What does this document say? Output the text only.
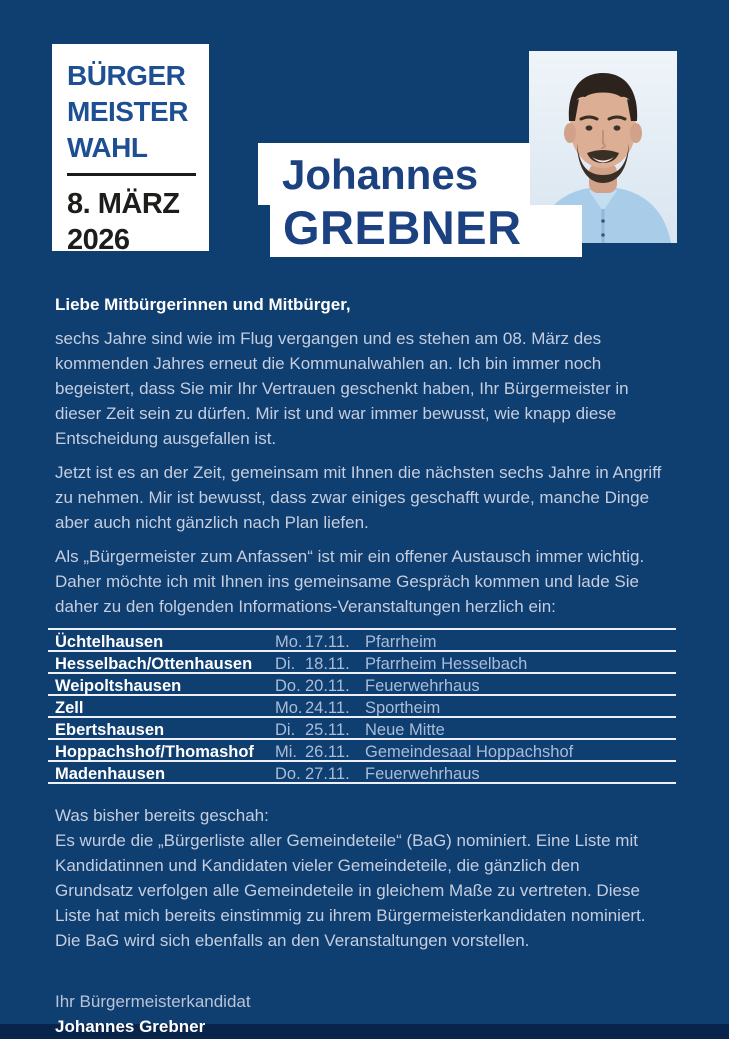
BÜRGER
MEISTER
WAHL
8. MÄRZ
2026
Johannes
GREBNER

Liebe Mitbürgerinnen und Mitbürger,

sechs Jahre sind wie im Flug vergangen und es stehen am 08. März des kommenden Jahres erneut die Kommunalwahlen an. Ich bin immer noch begeistert, dass Sie mir Ihr Vertrauen geschenkt haben, Ihr Bürgermeister in dieser Zeit sein zu dürfen. Mir ist und war immer bewusst, wie knapp diese Entscheidung ausgefallen ist.

Jetzt ist es an der Zeit, gemeinsam mit Ihnen die nächsten sechs Jahre in Angriff zu nehmen. Mir ist bewusst, dass zwar einiges geschafft wurde, manche Dinge aber auch nicht gänzlich nach Plan liefen.

Als „Bürgermeister zum Anfassen“ ist mir ein offener Austausch immer wichtig. Daher möchte ich mit Ihnen ins gemeinsame Gespräch kommen und lade Sie daher zu den folgenden Informations-Veranstaltungen herzlich ein:

Üchtelhausen	Mo. 17.11. Pfarrheim
Hesselbach/Ottenhausen	Di. 18.11. Pfarrheim Hesselbach
Weipoltshausen	Do. 20.11. Feuerwehrhaus
Zell	Mo. 24.11. Sportheim
Ebertshausen	Di. 25.11. Neue Mitte
Hoppachshof/Thomashof	Mi. 26.11. Gemeindesaal Hoppachshof
Madenhausen	Do. 27.11. Feuerwehrhaus

Was bisher bereits geschah:

Es wurde die „Bürgerliste aller Gemeindeteile“ (BaG) nominiert. Eine Liste mit Kandidatinnen und Kandidaten vieler Gemeindeteile, die gänzlich den Grundsatz verfolgen alle Gemeindeteile in gleichem Maße zu vertreten. Diese Liste hat mich bereits einstimmig zu ihrem Bürgermeisterkandidaten nominiert. Die BaG wird sich ebenfalls an den Veranstaltungen vorstellen.

Ihr Bürgermeisterkandidat
Johannes Grebner
